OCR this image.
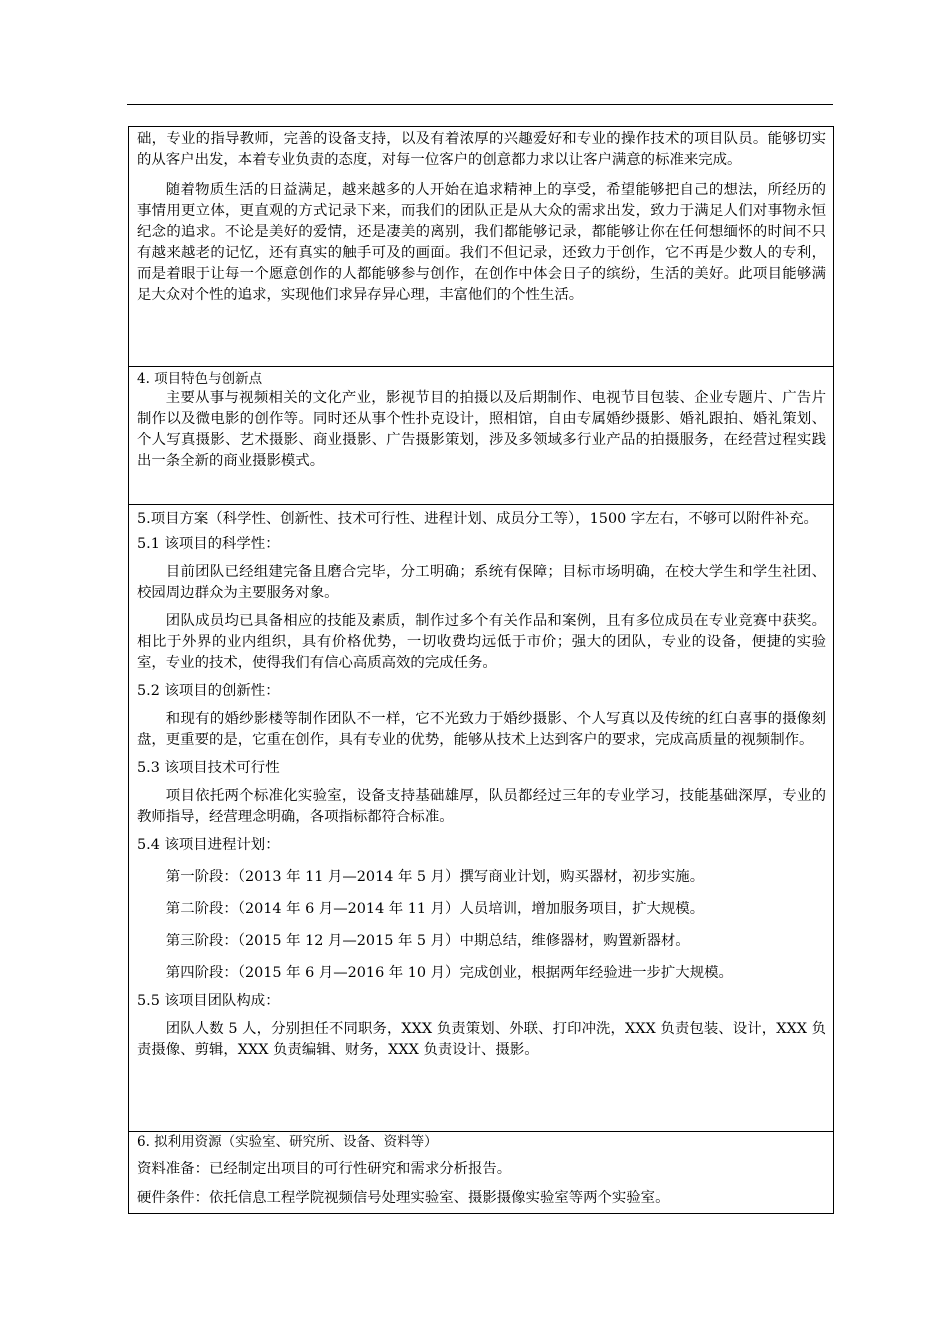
础，专业的指导教师，完善的设备支持，以及有着浓厚的兴趣爱好和专业的操作技术的项目队员。能够切实的从客户出发，本着专业负责的态度，对每一位客户的创意都力求以让客户满意的标准来完成。

随着物质生活的日益满足，越来越多的人开始在追求精神上的享受，希望能够把自己的想法，所经历的事情用更立体，更直观的方式记录下来，而我们的团队正是从大众的需求出发，致力于满足人们对事物永恒纪念的追求。不论是美好的爱情，还是凄美的离别，我们都能够记录，都能够让你在任何想缅怀的时间不只有越来越老的记忆，还有真实的触手可及的画面。我们不但记录，还致力于创作，它不再是少数人的专利，而是着眼于让每一个愿意创作的人都能够参与创作，在创作中体会日子的缤纷，生活的美好。此项目能够满足大众对个性的追求，实现他们求异存异心理，丰富他们的个性生活。

4. 项目特色与创新点

主要从事与视频相关的文化产业，影视节目的拍摄以及后期制作、电视节目包装、企业专题片、广告片制作以及微电影的创作等。同时还从事个性扑克设计，照相馆，自由专属婚纱摄影、婚礼跟拍、婚礼策划、个人写真摄影、艺术摄影、商业摄影、广告摄影策划，涉及多领域多行业产品的拍摄服务，在经营过程实践出一条全新的商业摄影模式。

5.项目方案（科学性、创新性、技术可行性、进程计划、成员分工等），1500 字左右，不够可以附件补充。

5.1 该项目的科学性：

目前团队已经组建完备且磨合完毕，分工明确；系统有保障；目标市场明确，在校大学生和学生社团、校园周边群众为主要服务对象。

团队成员均已具备相应的技能及素质，制作过多个有关作品和案例，且有多位成员在专业竞赛中获奖。相比于外界的业内组织，具有价格优势，一切收费均远低于市价；强大的团队，专业的设备，便捷的实验室，专业的技术，使得我们有信心高质高效的完成任务。

5.2 该项目的创新性：

和现有的婚纱影楼等制作团队不一样，它不光致力于婚纱摄影、个人写真以及传统的红白喜事的摄像刻盘，更重要的是，它重在创作，具有专业的优势，能够从技术上达到客户的要求，完成高质量的视频制作。

5.3 该项目技术可行性

项目依托两个标准化实验室，设备支持基础雄厚，队员都经过三年的专业学习，技能基础深厚，专业的教师指导，经营理念明确，各项指标都符合标准。

5.4 该项目进程计划：

第一阶段：（2013 年 11 月—2014 年 5 月）撰写商业计划，购买器材，初步实施。

第二阶段：（2014 年 6 月—2014 年 11 月）人员培训，增加服务项目，扩大规模。

第三阶段：（2015 年 12 月—2015 年 5 月）中期总结，维修器材，购置新器材。

第四阶段：（2015 年 6 月—2016 年 10 月）完成创业，根据两年经验进一步扩大规模。

5.5 该项目团队构成：

团队人数 5 人，分别担任不同职务，XXX 负责策划、外联、打印冲洗，XXX 负责包装、设计，XXX 负责摄像、剪辑，XXX 负责编辑、财务，XXX 负责设计、摄影。

6. 拟利用资源（实验室、研究所、设备、资料等）

资料准备：已经制定出项目的可行性研究和需求分析报告。

硬件条件：依托信息工程学院视频信号处理实验室、摄影摄像实验室等两个实验室。
